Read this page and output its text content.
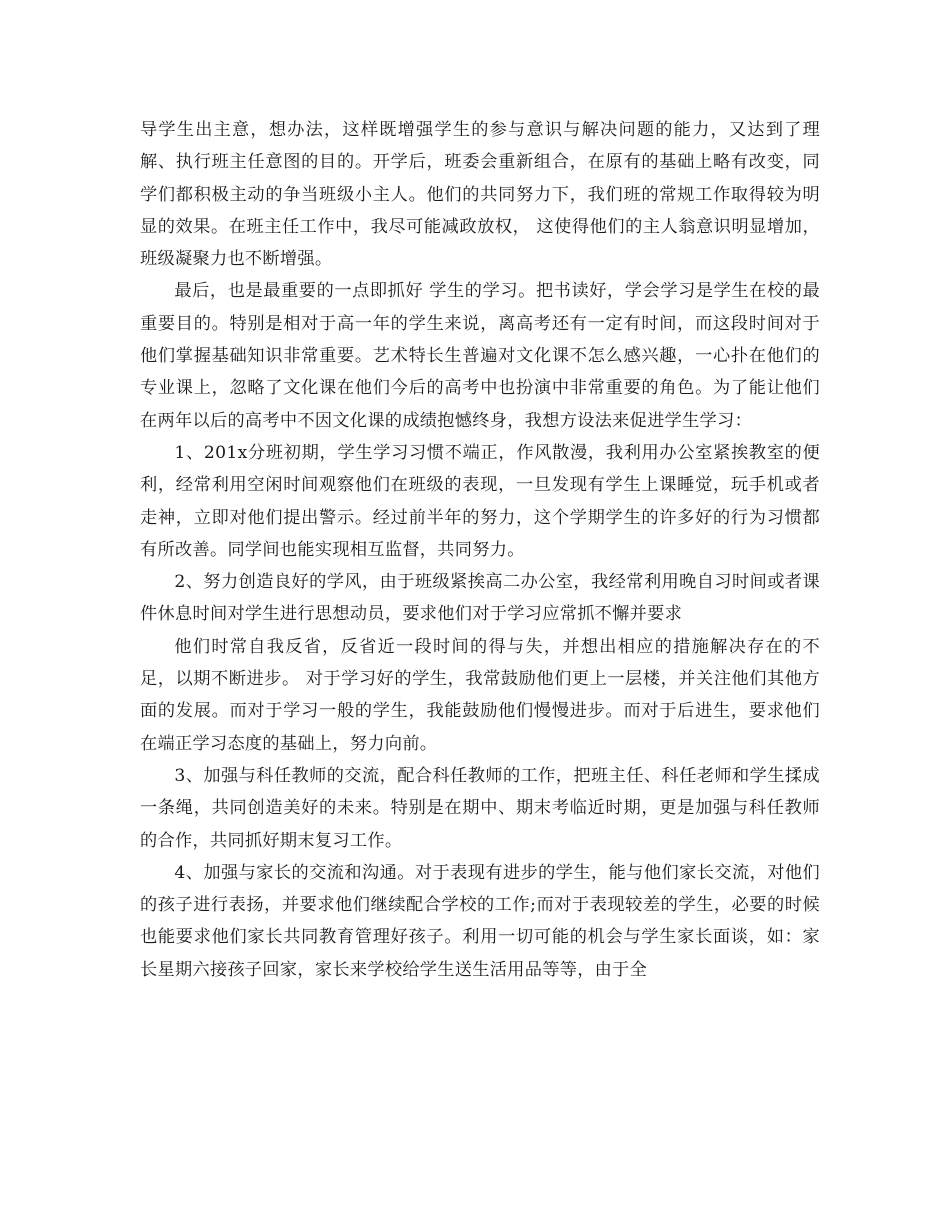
导学生出主意，想办法，这样既增强学生的参与意识与解决问题的能力，又达到了理解、执行班主任意图的目的。开学后，班委会重新组合，在原有的基础上略有改变，同学们都积极主动的争当班级小主人。他们的共同努力下，我们班的常规工作取得较为明显的效果。在班主任工作中，我尽可能减政放权， 这使得他们的主人翁意识明显增加，班级凝聚力也不断增强。

最后，也是最重要的一点即抓好 学生的学习。把书读好，学会学习是学生在校的最重要目的。特别是相对于高一年的学生来说，离高考还有一定有时间，而这段时间对于他们掌握基础知识非常重要。艺术特长生普遍对文化课不怎么感兴趣，一心扑在他们的专业课上，忽略了文化课在他们今后的高考中也扮演中非常重要的角色。为了能让他们在两年以后的高考中不因文化课的成绩抱憾终身，我想方设法来促进学生学习：

1、201x分班初期，学生学习习惯不端正，作风散漫，我利用办公室紧挨教室的便利，经常利用空闲时间观察他们在班级的表现，一旦发现有学生上课睡觉，玩手机或者走神，立即对他们提出警示。经过前半年的努力，这个学期学生的许多好的行为习惯都有所改善。同学间也能实现相互监督，共同努力。

2、努力创造良好的学风，由于班级紧挨高二办公室，我经常利用晚自习时间或者课件休息时间对学生进行思想动员，要求他们对于学习应常抓不懈并要求

他们时常自我反省，反省近一段时间的得与失，并想出相应的措施解决存在的不足，以期不断进步。 对于学习好的学生，我常鼓励他们更上一层楼，并关注他们其他方面的发展。而对于学习一般的学生，我能鼓励他们慢慢进步。而对于后进生，要求他们在端正学习态度的基础上，努力向前。

3、加强与科任教师的交流，配合科任教师的工作，把班主任、科任老师和学生揉成一条绳，共同创造美好的未来。特别是在期中、期末考临近时期，更是加强与科任教师的合作，共同抓好期末复习工作。

4、加强与家长的交流和沟通。对于表现有进步的学生，能与他们家长交流，对他们的孩子进行表扬，并要求他们继续配合学校的工作;而对于表现较差的学生，必要的时候也能要求他们家长共同教育管理好孩子。利用一切可能的机会与学生家长面谈，如：家长星期六接孩子回家，家长来学校给学生送生活用品等等，由于全
